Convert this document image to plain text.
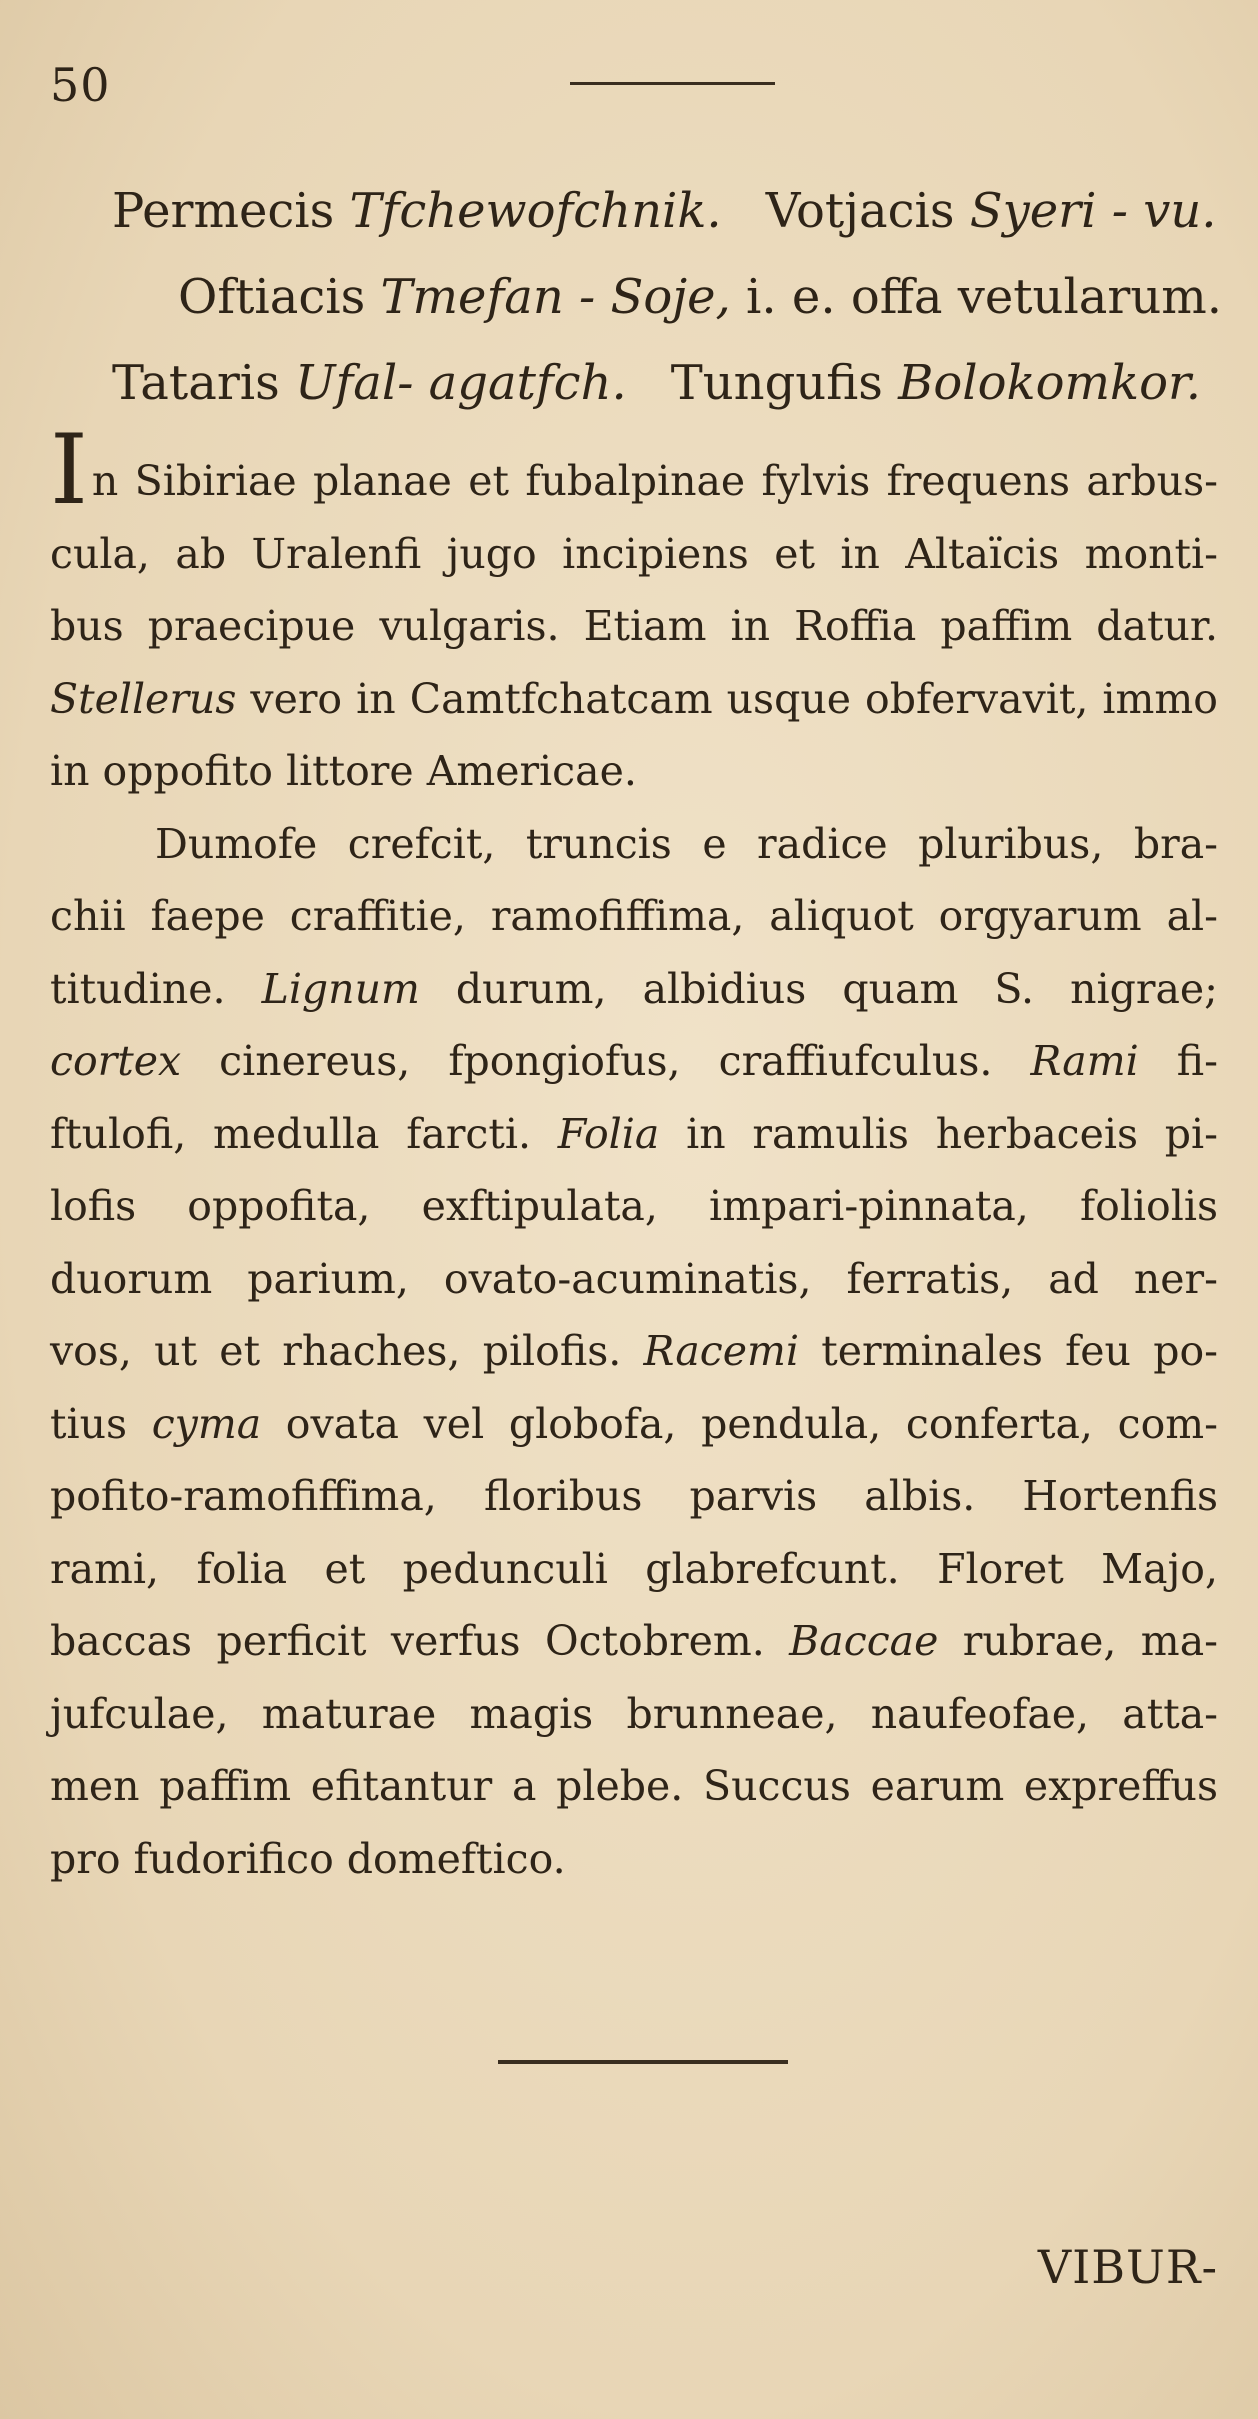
50
Permecis Tfchewofchnik. Votjacis Syeri - vu.
Oftiacis Tmefan - Soje, i. e. offa vetularum.
Tataris Ufal- agatfch. Tungufis Bolokomkor.
In Sibiriae planae et fubalpinae fylvis frequens arbus-
cula, ab Uralenfi jugo incipiens et in Altaïcis monti-
bus praecipue vulgaris. Etiam in Roffia paffim datur.
Stellerus vero in Camtfchatcam usque obfervavit, immo
in oppofito littore Americae.
Dumofe crefcit, truncis e radice pluribus, bra-
chii faepe craffitie, ramofiffima, aliquot orgyarum al-
titudine. Lignum durum, albidius quam S. nigrae;
cortex cinereus, fpongiofus, craffiufculus. Rami fi-
ftulofi, medulla farcti. Folia in ramulis herbaceis pi-
lofis oppofita, exftipulata, impari-pinnata, foliolis
duorum parium, ovato-acuminatis, ferratis, ad ner-
vos, ut et rhaches, pilofis. Racemi terminales feu po-
tius cyma ovata vel globofa, pendula, conferta, com-
pofito-ramofiffima, floribus parvis albis. Hortenfis
rami, folia et pedunculi glabrefcunt. Floret Majo,
baccas perficit verfus Octobrem. Baccae rubrae, ma-
jufculae, maturae magis brunneae, naufeofae, atta-
men paffim efitantur a plebe. Succus earum expreffus
pro fudorifico domeftico.
VIBUR-
